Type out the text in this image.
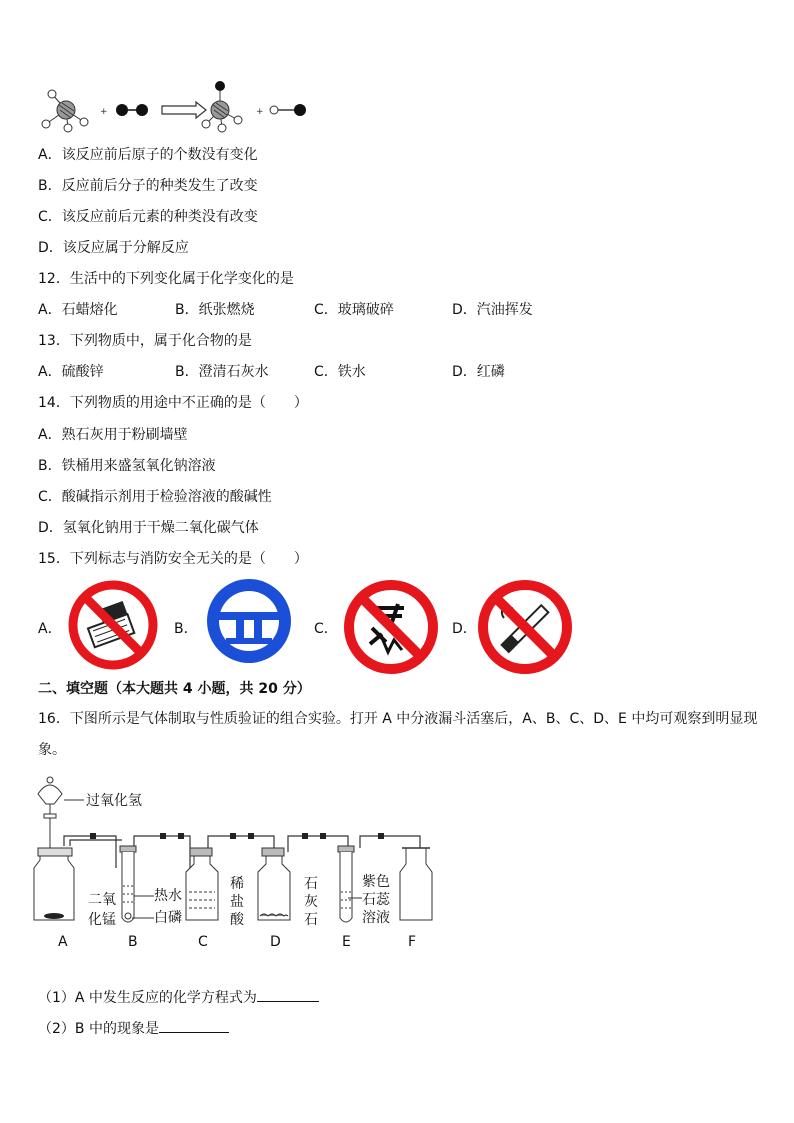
+	+
A．该反应前后原子的个数没有变化
B．反应前后分子的种类发生了改变
C．该反应前后元素的种类没有改变
D．该反应属于分解反应
12．生活中的下列变化属于化学变化的是
A．石蜡熔化	B．纸张燃烧	C．玻璃破碎	D．汽油挥发
13．下列物质中，属于化合物的是
A．硫酸锌	B．澄清石灰水	C．铁水	D．红磷
14．下列物质的用途中不正确的是（　　）
A．熟石灰用于粉刷墙壁
B．铁桶用来盛氢氧化钠溶液
C．酸碱指示剂用于检验溶液的酸碱性
D．氢氧化钠用于干燥二氧化碳气体
15．下列标志与消防安全无关的是（　　）
A．	B．	C．	D．
二、填空题（本大题共 4 小题，共 20 分）
16．下图所示是气体制取与性质验证的组合实验。打开 A 中分液漏斗活塞后，A、B、C、D、E 中均可观察到明显现
象。
过氧化氢
二氧
化锰
热水
白磷
稀
盐
酸
石
灰
石
紫色
石蕊
溶液
A	B	C	D	E	F
（1）A 中发生反应的化学方程式为
（2）B 中的现象是
